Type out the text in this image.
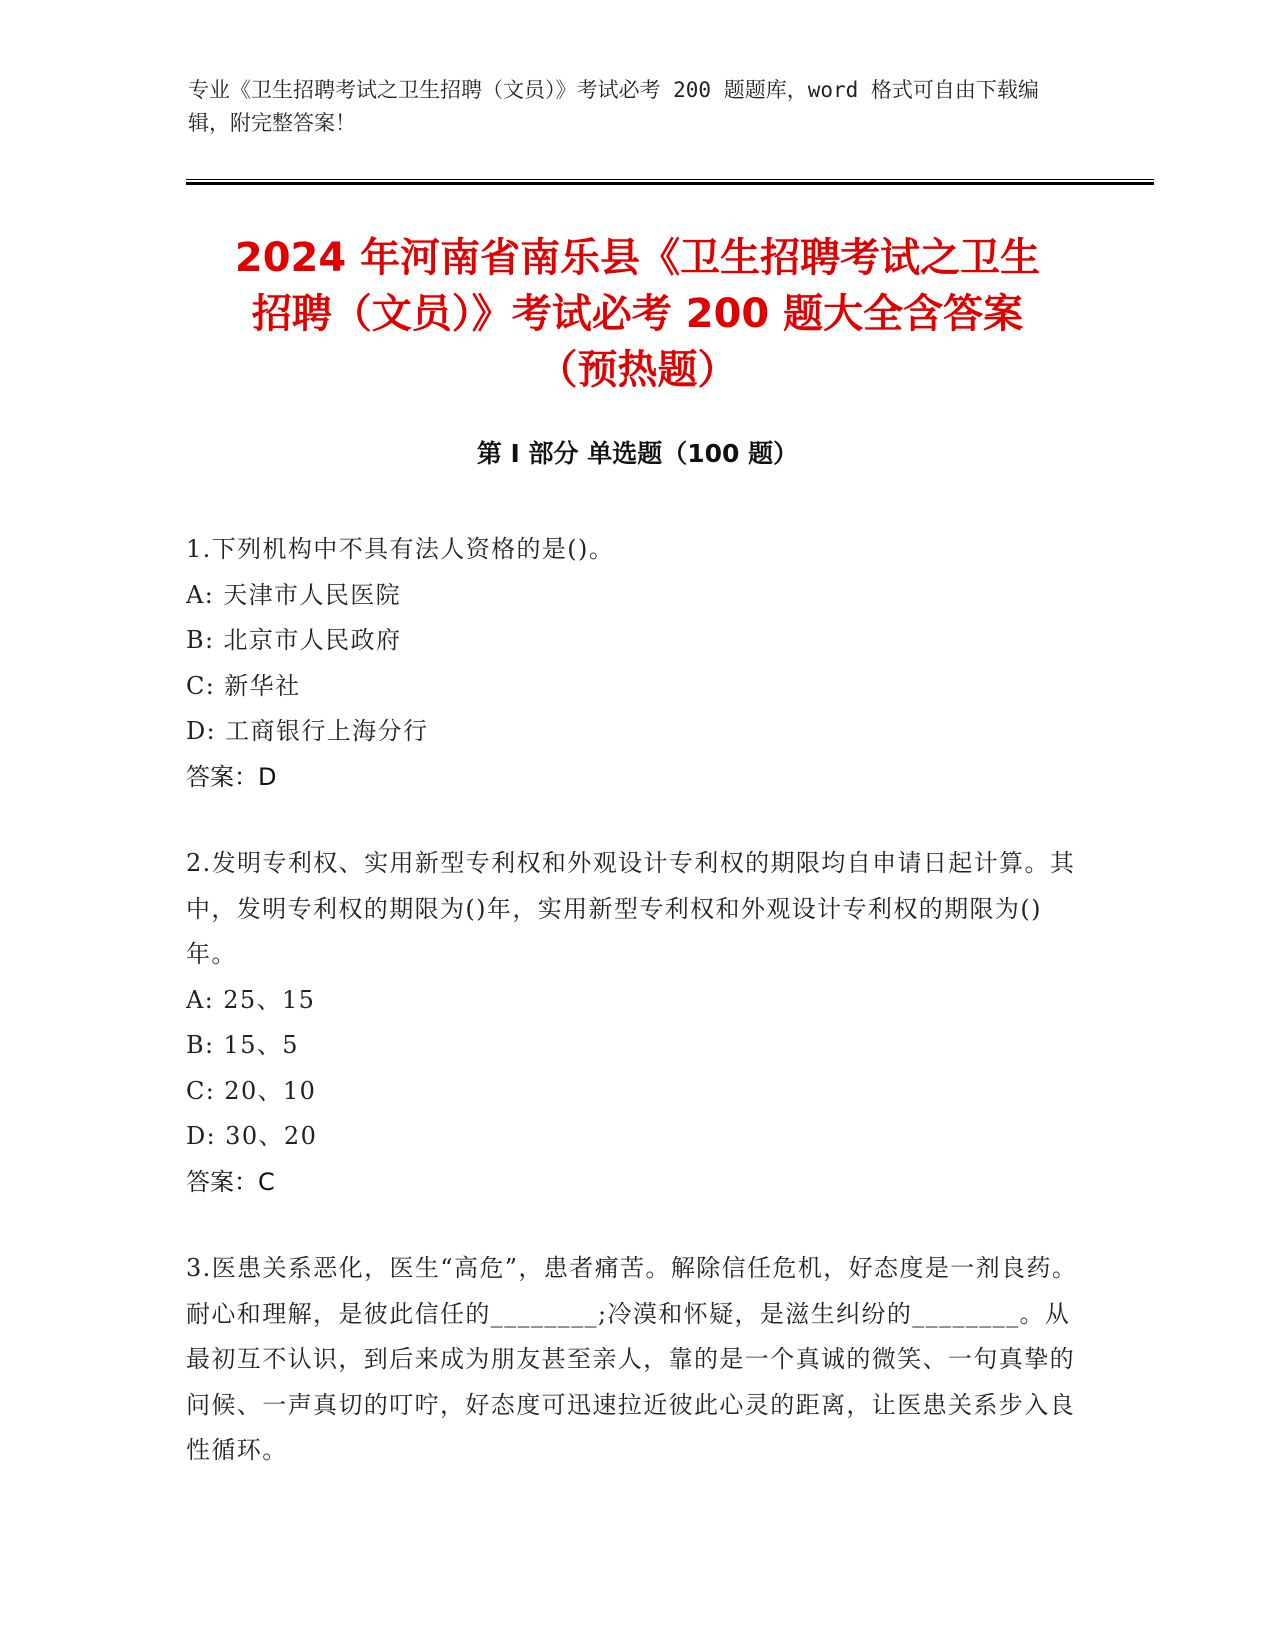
专业《卫生招聘考试之卫生招聘（文员）》考试必考 200 题题库，word 格式可自由下载编辑，附完整答案！

2024 年河南省南乐县《卫生招聘考试之卫生
招聘（文员）》考试必考 200 题大全含答案
（预热题）
第 I 部分 单选题（100 题）

1.下列机构中不具有法人资格的是()。

A: 天津市人民医院

B: 北京市人民政府

C: 新华社

D: 工商银行上海分行

答案：D

2.发明专利权、实用新型专利权和外观设计专利权的期限均自申请日起计算。其中，发明专利权的期限为()年，实用新型专利权和外观设计专利权的期限为()年。

A: 25、15

B: 15、5

C: 20、10

D: 30、20

答案：C

3.医患关系恶化，医生“高危”，患者痛苦。解除信任危机，好态度是一剂良药。耐心和理解，是彼此信任的________;冷漠和怀疑，是滋生纠纷的________。从最初互不认识，到后来成为朋友甚至亲人，靠的是一个真诚的微笑、一句真挚的问候、一声真切的叮咛，好态度可迅速拉近彼此心灵的距离，让医患关系步入良性循环。
